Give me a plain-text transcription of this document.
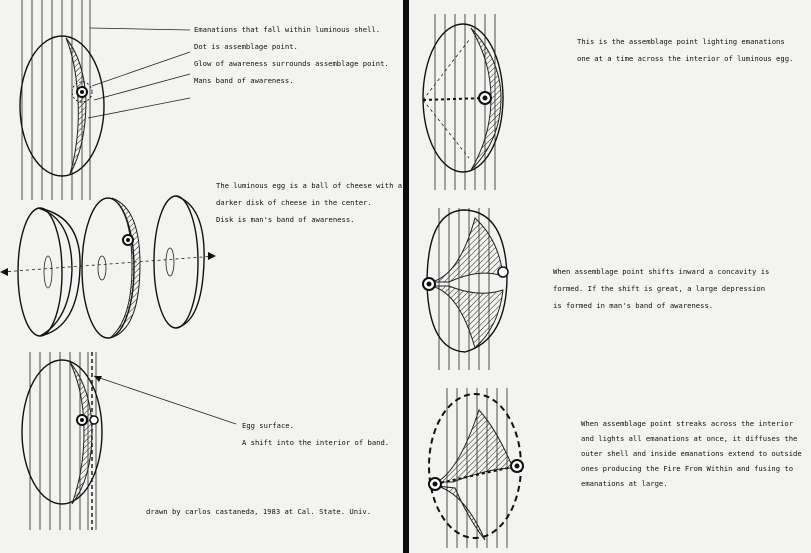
Emanations that fall within luminous shell.
Dot is assemblage point.
Glow of awareness surrounds assemblage point.
Mans band of awareness.
The luminous egg is a ball of cheese with a
darker disk of cheese in the center.
Disk is man's band of awareness.
Egg surface.
A shift into the interior of band.
drawn by carlos castaneda, 1983 at Cal. State. Univ.
This is the assemblage point lighting emanations
one at a time across the interior of luminous egg.
When assemblage point shifts inward a concavity is
formed. If the shift is great, a large depression
is formed in man's band of awareness.
When assemblage point streaks across the interior
and lights all emanations at once, it diffuses the
outer shell and inside emanations extend to outside
ones producing the Fire From Within and fusing to
emanations at large.
